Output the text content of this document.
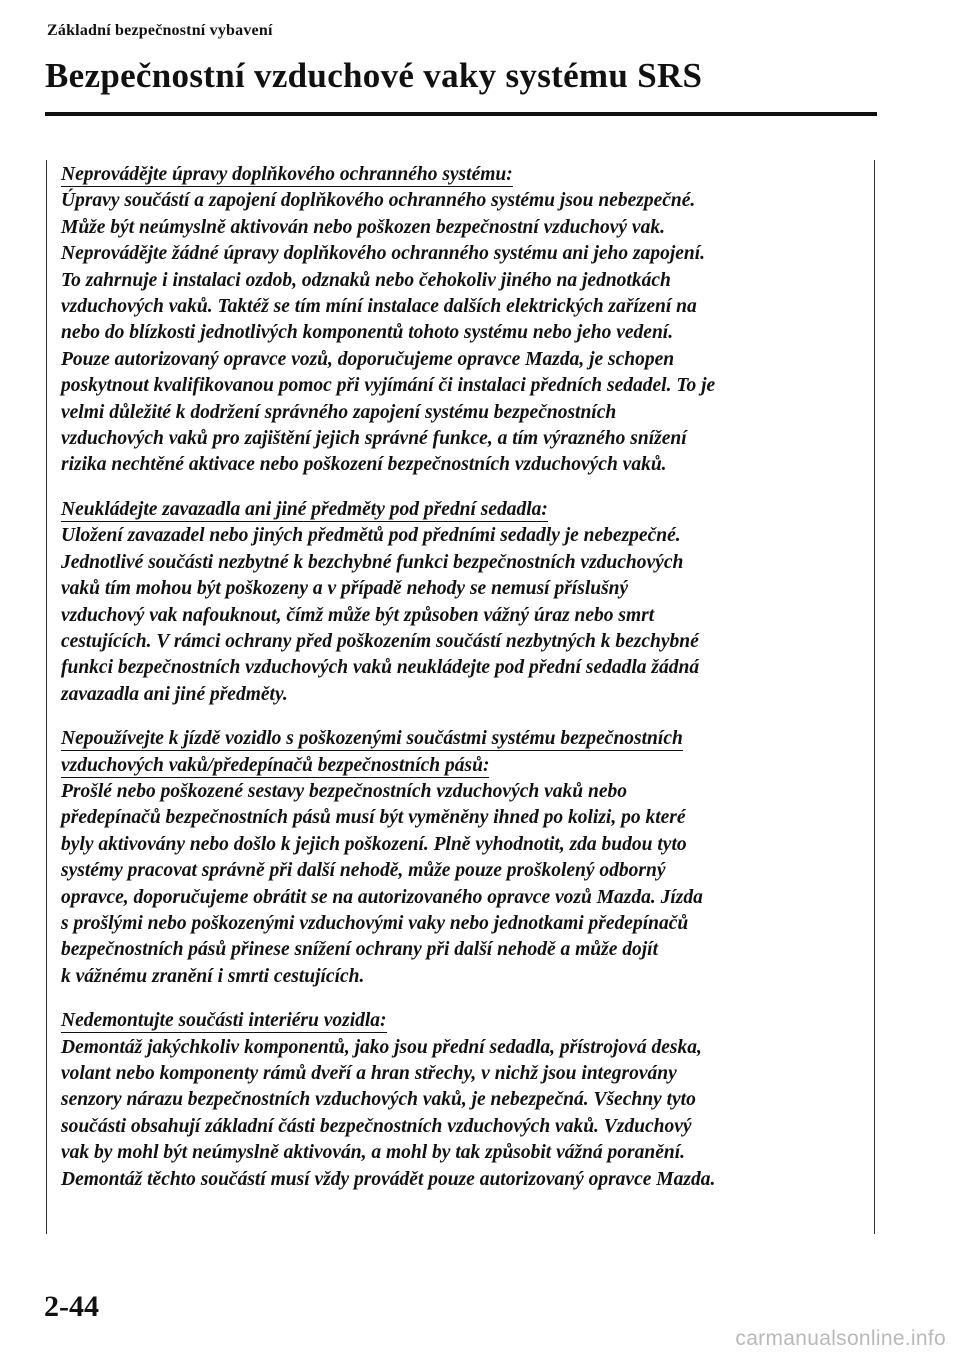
Základní bezpečnostní vybavení
Bezpečnostní vzduchové vaky systému SRS
Neprovádějte úpravy doplňkového ochranného systému:
Úpravy součástí a zapojení doplňkového ochranného systému jsou nebezpečné.
Může být neúmyslně aktivován nebo poškozen bezpečnostní vzduchový vak.
Neprovádějte žádné úpravy doplňkového ochranného systému ani jeho zapojení.
To zahrnuje i instalaci ozdob, odznaků nebo čehokoliv jiného na jednotkách
vzduchových vaků. Taktéž se tím míní instalace dalších elektrických zařízení na
nebo do blízkosti jednotlivých komponentů tohoto systému nebo jeho vedení.
Pouze autorizovaný opravce vozů, doporučujeme opravce Mazda, je schopen
poskytnout kvalifikovanou pomoc při vyjímání či instalaci předních sedadel. To je
velmi důležité k dodržení správného zapojení systému bezpečnostních
vzduchových vaků pro zajištění jejich správné funkce, a tím výrazného snížení
rizika nechtěné aktivace nebo poškození bezpečnostních vzduchových vaků.
Neukládejte zavazadla ani jiné předměty pod přední sedadla:
Uložení zavazadel nebo jiných předmětů pod předními sedadly je nebezpečné.
Jednotlivé součásti nezbytné k bezchybné funkci bezpečnostních vzduchových
vaků tím mohou být poškozeny a v případě nehody se nemusí příslušný
vzduchový vak nafouknout, čímž může být způsoben vážný úraz nebo smrt
cestujících. V rámci ochrany před poškozením součástí nezbytných k bezchybné
funkci bezpečnostních vzduchových vaků neukládejte pod přední sedadla žádná
zavazadla ani jiné předměty.
Nepoužívejte k jízdě vozidlo s poškozenými součástmi systému bezpečnostních
vzduchových vaků/předepínačů bezpečnostních pásů:
Prošlé nebo poškozené sestavy bezpečnostních vzduchových vaků nebo
předepínačů bezpečnostních pásů musí být vyměněny ihned po kolizi, po které
byly aktivovány nebo došlo k jejich poškození. Plně vyhodnotit, zda budou tyto
systémy pracovat správně při další nehodě, může pouze proškolený odborný
opravce, doporučujeme obrátit se na autorizovaného opravce vozů Mazda. Jízda
s prošlými nebo poškozenými vzduchovými vaky nebo jednotkami předepínačů
bezpečnostních pásů přinese snížení ochrany při další nehodě a může dojít
k vážnému zranění i smrti cestujících.
Nedemontujte součásti interiéru vozidla:
Demontáž jakýchkoliv komponentů, jako jsou přední sedadla, přístrojová deska,
volant nebo komponenty rámů dveří a hran střechy, v nichž jsou integrovány
senzory nárazu bezpečnostních vzduchových vaků, je nebezpečná. Všechny tyto
součásti obsahují základní části bezpečnostních vzduchových vaků. Vzduchový
vak by mohl být neúmyslně aktivován, a mohl by tak způsobit vážná poranění.
Demontáž těchto součástí musí vždy provádět pouze autorizovaný opravce Mazda.
2-44
carmanualsonline.info
